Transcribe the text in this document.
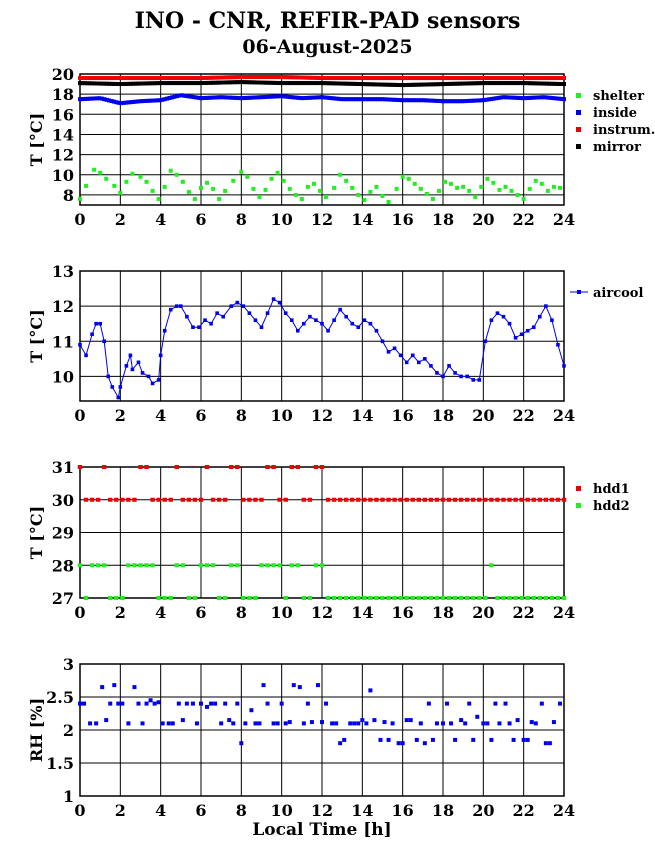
INO - CNR, REFIR-PAD sensors
06-August-2025
Local Time [h]
0 2 4 6 8 10 12 14 16 18 20 22 24
8
10
12
14
16
18
20
T [°C]
shelter
inside
instrum.
mirror
0 2 4 6 8 10 12 14 16 18 20 22 24
10
11
12
13
T [°C]
aircool
0 2 4 6 8 10 12 14 16 18 20 22 24
27
28
29
30
31
T [°C]
hdd1
hdd2
0 2 4 6 8 10 12 14 16 18 20 22 24
1
1.5
2
2.5
3
RH [%]
